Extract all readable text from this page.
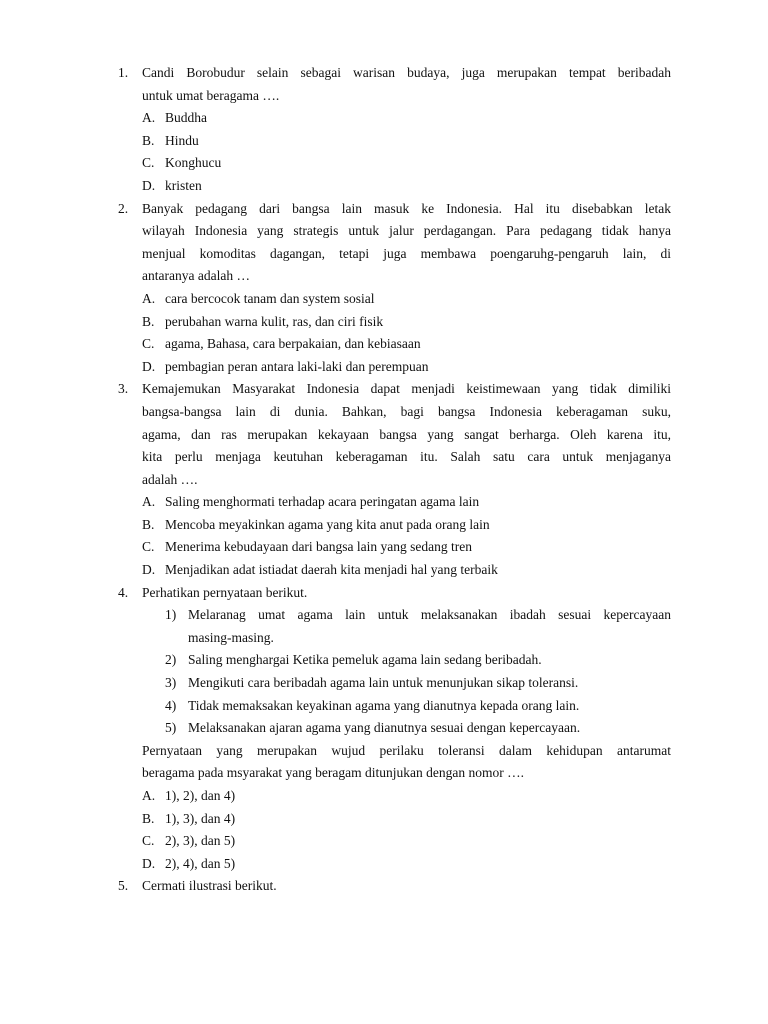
1. Candi Borobudur selain sebagai warisan budaya, juga merupakan tempat beribadah
untuk umat beragama ….
A. Buddha
B. Hindu
C. Konghucu
D. kristen
2. Banyak pedagang dari bangsa lain masuk ke Indonesia. Hal itu disebabkan letak
wilayah Indonesia yang strategis untuk jalur perdagangan. Para pedagang tidak hanya
menjual komoditas dagangan, tetapi juga membawa poengaruhg-pengaruh lain, di
antaranya adalah …
A. cara bercocok tanam dan system sosial
B. perubahan warna kulit, ras, dan ciri fisik
C. agama, Bahasa, cara berpakaian, dan kebiasaan
D. pembagian peran antara laki-laki dan perempuan
3. Kemajemukan Masyarakat Indonesia dapat menjadi keistimewaan yang tidak dimiliki
bangsa-bangsa lain di dunia. Bahkan, bagi bangsa Indonesia keberagaman suku,
agama, dan ras merupakan kekayaan bangsa yang sangat berharga. Oleh karena itu,
kita perlu menjaga keutuhan keberagaman itu. Salah satu cara untuk menjaganya
adalah ….
A. Saling menghormati terhadap acara peringatan agama lain
B. Mencoba meyakinkan agama yang kita anut pada orang lain
C. Menerima kebudayaan dari bangsa lain yang sedang tren
D. Menjadikan adat istiadat daerah kita menjadi hal yang terbaik
4. Perhatikan pernyataan berikut.
1) Melaranag umat agama lain untuk melaksanakan ibadah sesuai kepercayaan
masing-masing.
2) Saling menghargai Ketika pemeluk agama lain sedang beribadah.
3) Mengikuti cara beribadah agama lain untuk menunjukan sikap toleransi.
4) Tidak memaksakan keyakinan agama yang dianutnya kepada orang lain.
5) Melaksanakan ajaran agama yang dianutnya sesuai dengan kepercayaan.
Pernyataan yang merupakan wujud perilaku toleransi dalam kehidupan antarumat
beragama pada msyarakat yang beragam ditunjukan dengan nomor ….
A. 1), 2), dan 4)
B. 1), 3), dan 4)
C. 2), 3), dan 5)
D. 2), 4), dan 5)
5. Cermati ilustrasi berikut.
